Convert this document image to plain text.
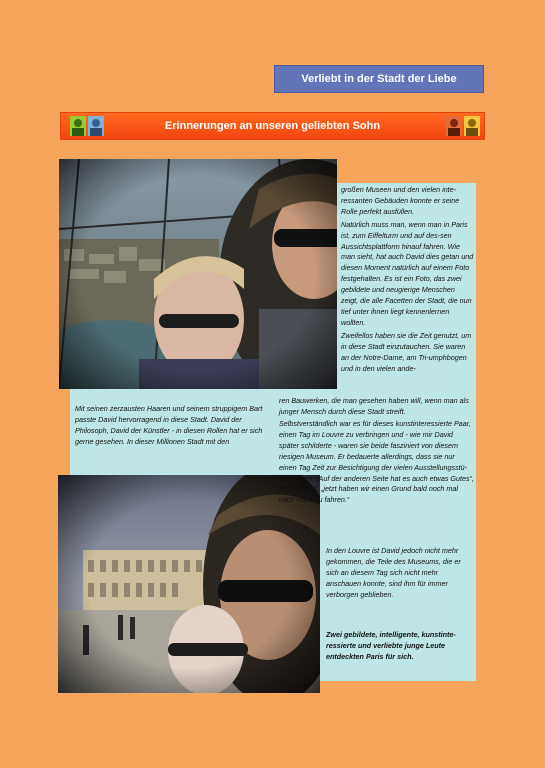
Verliebt in der Stadt der Liebe
Erinnerungen an unseren geliebten Sohn

großen Museen und den vielen inte-ressanten Gebäuden konnte er seine Rolle perfekt ausfüllen.

Natürlich muss man, wenn man in Paris ist, zum Eiffelturm und auf des-sen Aussichtsplattform hinauf fahren. Wie man sieht, hat auch David dies getan und diesen Moment natürlich auf einem Foto festgehalten. Es ist ein Foto, das zwei gebildete und neugierige Menschen zeigt, die alle Facetten der Stadt, die nun tief unter ihnen liegt kennenlernen wollten.

Zweifellos haben sie die Zeit genutzt, um in diese Stadt einzutauchen. Sie waren an der Notre-Dame, am Tri-umphbogen und in den vielen ande-

Mit seinen zerzausten Haaren und seinem struppigem Bart passte David hervorragend in diese Stadt. David der Philosoph, David der Künstler - in diesen Rollen hat er sich gerne gesehen. In dieser Millionen Stadt mit den

ren Bauwerken, die man gesehen haben will, wenn man als junger Mensch durch diese Stadt streift.

Selbstverständlich war es für dieses kunstinteressierte Paar, einen Tag im Louvre zu verbringen und - wie mir David später schilderte - waren sie beide fasziniert von diesem riesigen Museum. Er bedauerte allerdings, dass sie nur einen Tag Zeit zur Besichtigung der vielen Ausstellungsstü-cke hatten. „Auf der anderen Seite hat es auch etwas Gutes“, sagte David, „jetzt haben wir einen Grund bald noch mal nach Paris zu fahren.“

In den Louvre ist David jedoch nicht mehr gekommen, die Teile des Museums, die er sich an diesem Tag sich nicht mehr anschauen konnte, sind ihm für immer verborgen geblieben.

Zwei gebildete, intelligente, kunstinte-ressierte und verliebte junge Leute entdeckten Paris für sich.
